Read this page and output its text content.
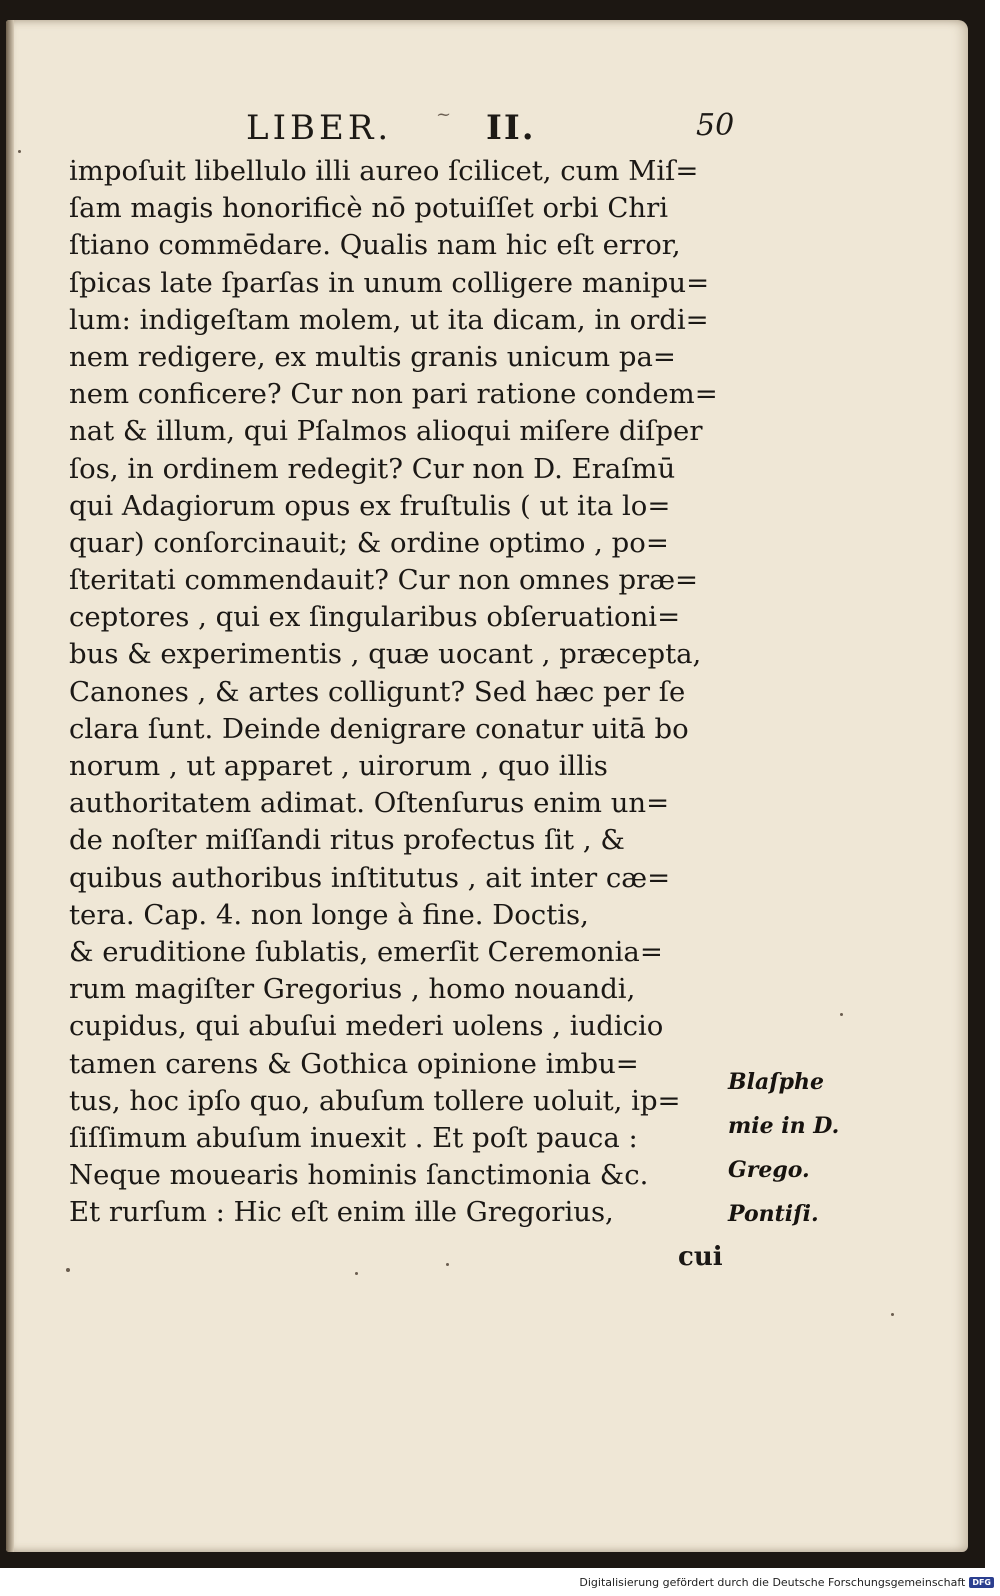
LIBER. ~ II.	50
impoſuit libellulo illi aureo ſcilicet, cum Miſ=
ſam magis honorificè nō potuiſſet orbi Chri
ſtiano commēdare. Qualis nam hic eſt error,
ſpicas late ſparſas in unum colligere manipu=
lum: indigeſtam molem, ut ita dicam, in ordi=
nem redigere, ex multis granis unicum pa=
nem conficere? Cur non pari ratione condem=
nat & illum, qui Pſalmos alioqui miſere diſper
ſos, in ordinem redegit? Cur non D. Eraſmū
qui Adagiorum opus ex fruſtulis ( ut ita lo=
quar) conſorcinauit; & ordine optimo , po=
ſteritati commendauit? Cur non omnes præ=
ceptores , qui ex ſingularibus obſeruationi=
bus & experimentis , quæ uocant , præcepta,
Canones , & artes colligunt? Sed hæc per ſe
clara ſunt. Deinde denigrare conatur uitā bo
norum , ut apparet , uirorum , quo illis
authoritatem adimat. Oſtenſurus enim un=
de noſter miſſandi ritus profectus ſit , &
quibus authoribus inſtitutus , ait inter cæ=
tera. Cap. 4. non longe à fine. Doctis,
& eruditione ſublatis, emerſit Ceremonia=
rum magiſter Gregorius , homo nouandi,
cupidus, qui abuſui mederi uolens , iudicio
tamen carens & Gothica opinione imbu=
tus, hoc ipſo quo, abuſum tollere uoluit, ip=
ſiſſimum abuſum inuexit . Et poſt pauca :
Neque mouearis hominis ſanctimonia &c.
Et rurſum : Hic eſt enim ille Gregorius,
cui
Blaſphe
mie in D.
Grego.
Pontiſi.
Digitalisierung gefördert durch die Deutsche Forschungsgemeinschaft DFG
